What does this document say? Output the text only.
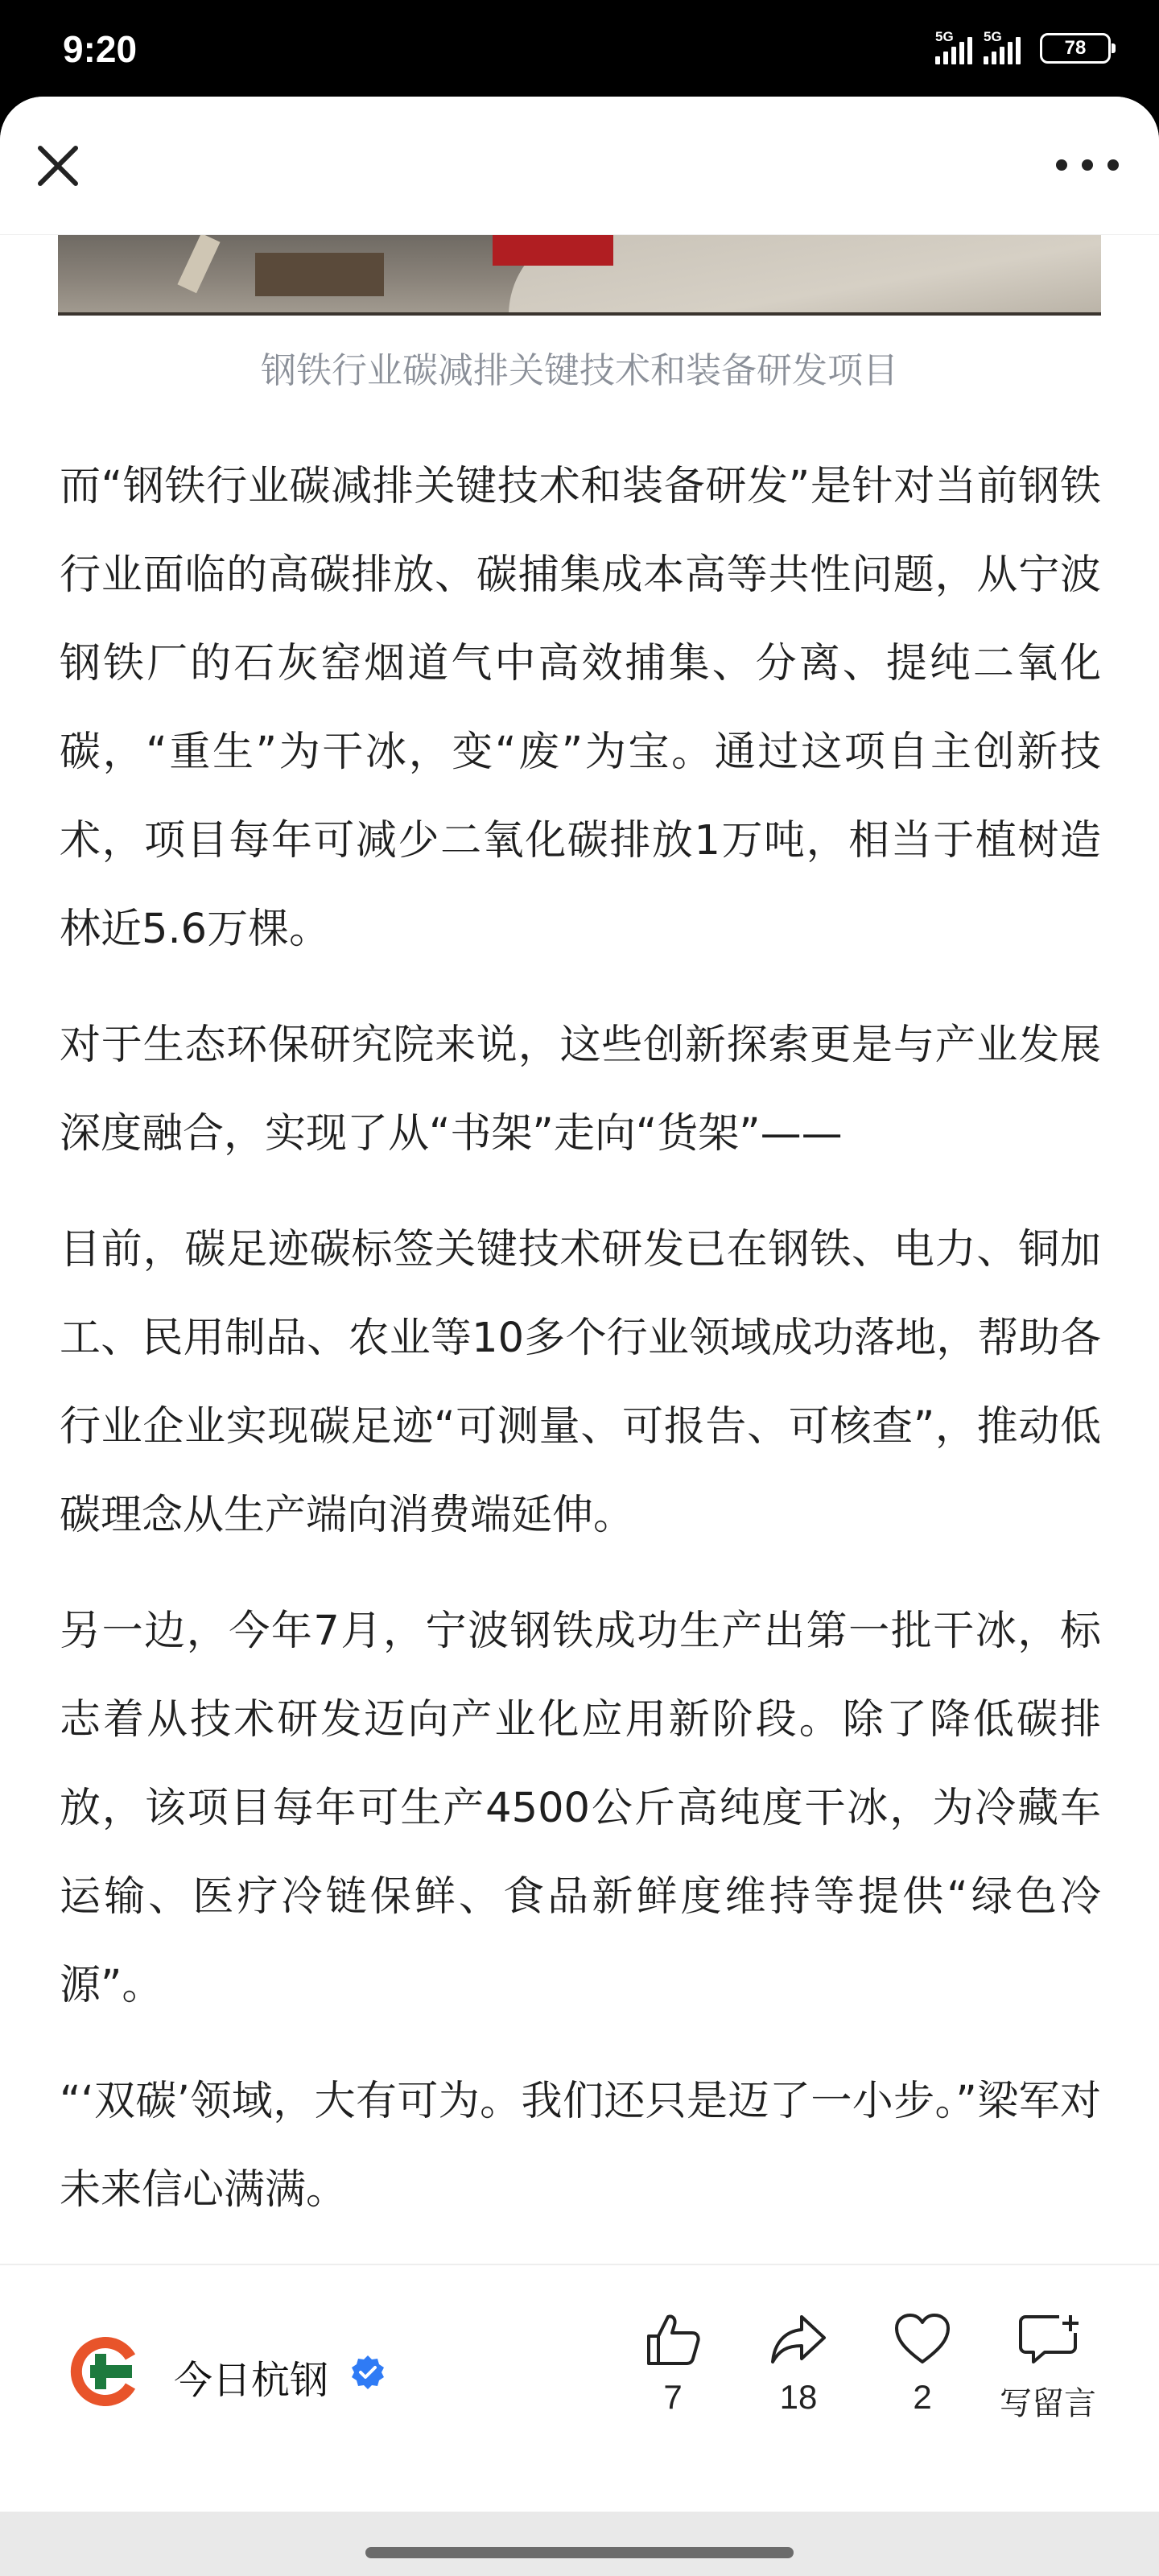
9:20	5G 5G
78
钢铁行业碳减排关键技术和装备研发项目

而“钢铁行业碳减排关键技术和装备研发”是针对当前钢铁行业面临的高碳排放、碳捕集成本高等共性问题，从宁波钢铁厂的石灰窑烟道气中高效捕集、分离、提纯二氧化碳，“重生”为干冰，变“废”为宝。通过这项自主创新技术，项目每年可减少二氧化碳排放1万吨，相当于植树造林近5.6万棵。

对于生态环保研究院来说，这些创新探索更是与产业发展深度融合，实现了从“书架”走向“货架”——

目前，碳足迹碳标签关键技术研发已在钢铁、电力、铜加工、民用制品、农业等10多个行业领域成功落地，帮助各行业企业实现碳足迹“可测量、可报告、可核查”，推动低碳理念从生产端向消费端延伸。

另一边，今年7月，宁波钢铁成功生产出第一批干冰，标志着从技术研发迈向产业化应用新阶段。除了降低碳排放，该项目每年可生产4500公斤高纯度干冰，为冷藏车运输、医疗冷链保鲜、食品新鲜度维持等提供“绿色冷源”。

“‘双碳’领域，大有可为。我们还只是迈了一小步。”梁军对未来信心满满。

今日杭钢	7	18	2	写留言
